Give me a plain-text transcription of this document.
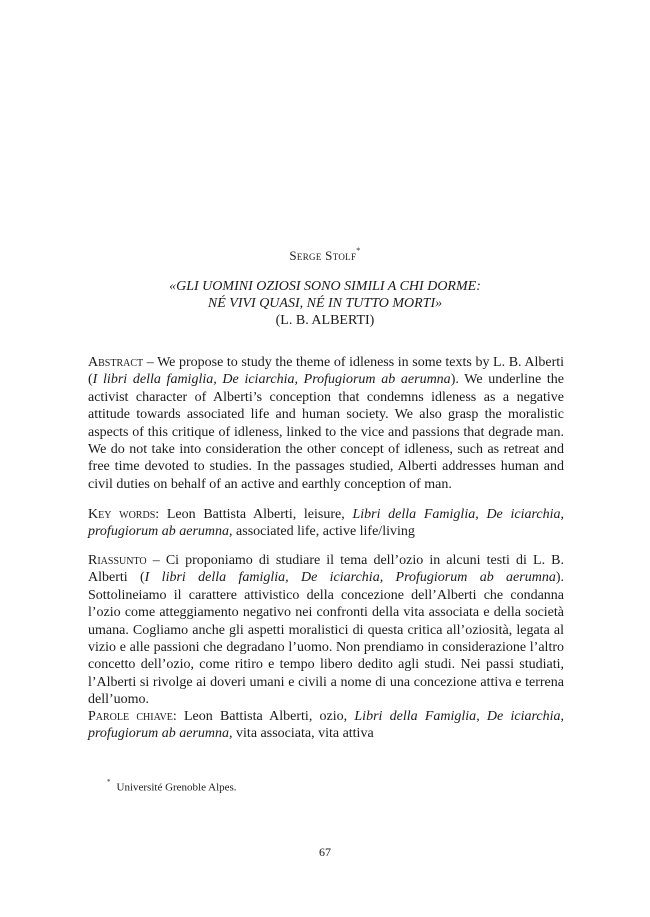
Serge Stolf*
«GLI UOMINI OZIOSI SONO SIMILI A CHI DORME:
NÉ VIVI QUASI, NÉ IN TUTTO MORTI»
(L. B. ALBERTI)

Abstract – We propose to study the theme of idleness in some texts by L. B. Alberti (I libri della famiglia, De iciarchia, Profugiorum ab aerumna). We underline the activist character of Alberti’s conception that condemns idleness as a negative attitude towards associated life and human society. We also grasp the moralistic aspects of this critique of idleness, linked to the vice and passions that degrade man. We do not take into consideration the other concept of idleness, such as retreat and free time devoted to studies. In the passages studied, Alberti addresses human and civil duties on behalf of an active and earthly conception of man.

Key words: Leon Battista Alberti, leisure, Libri della Famiglia, De iciarchia, profugiorum ab aerumna, associated life, active life/living

Riassunto – Ci proponiamo di studiare il tema dell’ozio in alcuni testi di L. B. Alberti (I libri della famiglia, De iciarchia, Profugiorum ab aerumna). Sottolineiamo il carattere attivistico della concezione dell’Alberti che condanna l’ozio come atteggiamento negativo nei confronti della vita associata e della società umana. Cogliamo anche gli aspetti moralistici di questa critica all’oziosità, legata al vizio e alle passioni che degradano l’uomo. Non prendiamo in considerazione l’altro concetto dell’ozio, come ritiro e tempo libero dedito agli studi. Nei passi studiati, l’Alberti si rivolge ai doveri umani e civili a nome di una concezione attiva e terrena dell’uomo.

Parole chiave: Leon Battista Alberti, ozio, Libri della Famiglia, De iciarchia, profugiorum ab aerumna, vita associata, vita attiva

* Université Grenoble Alpes.
67
